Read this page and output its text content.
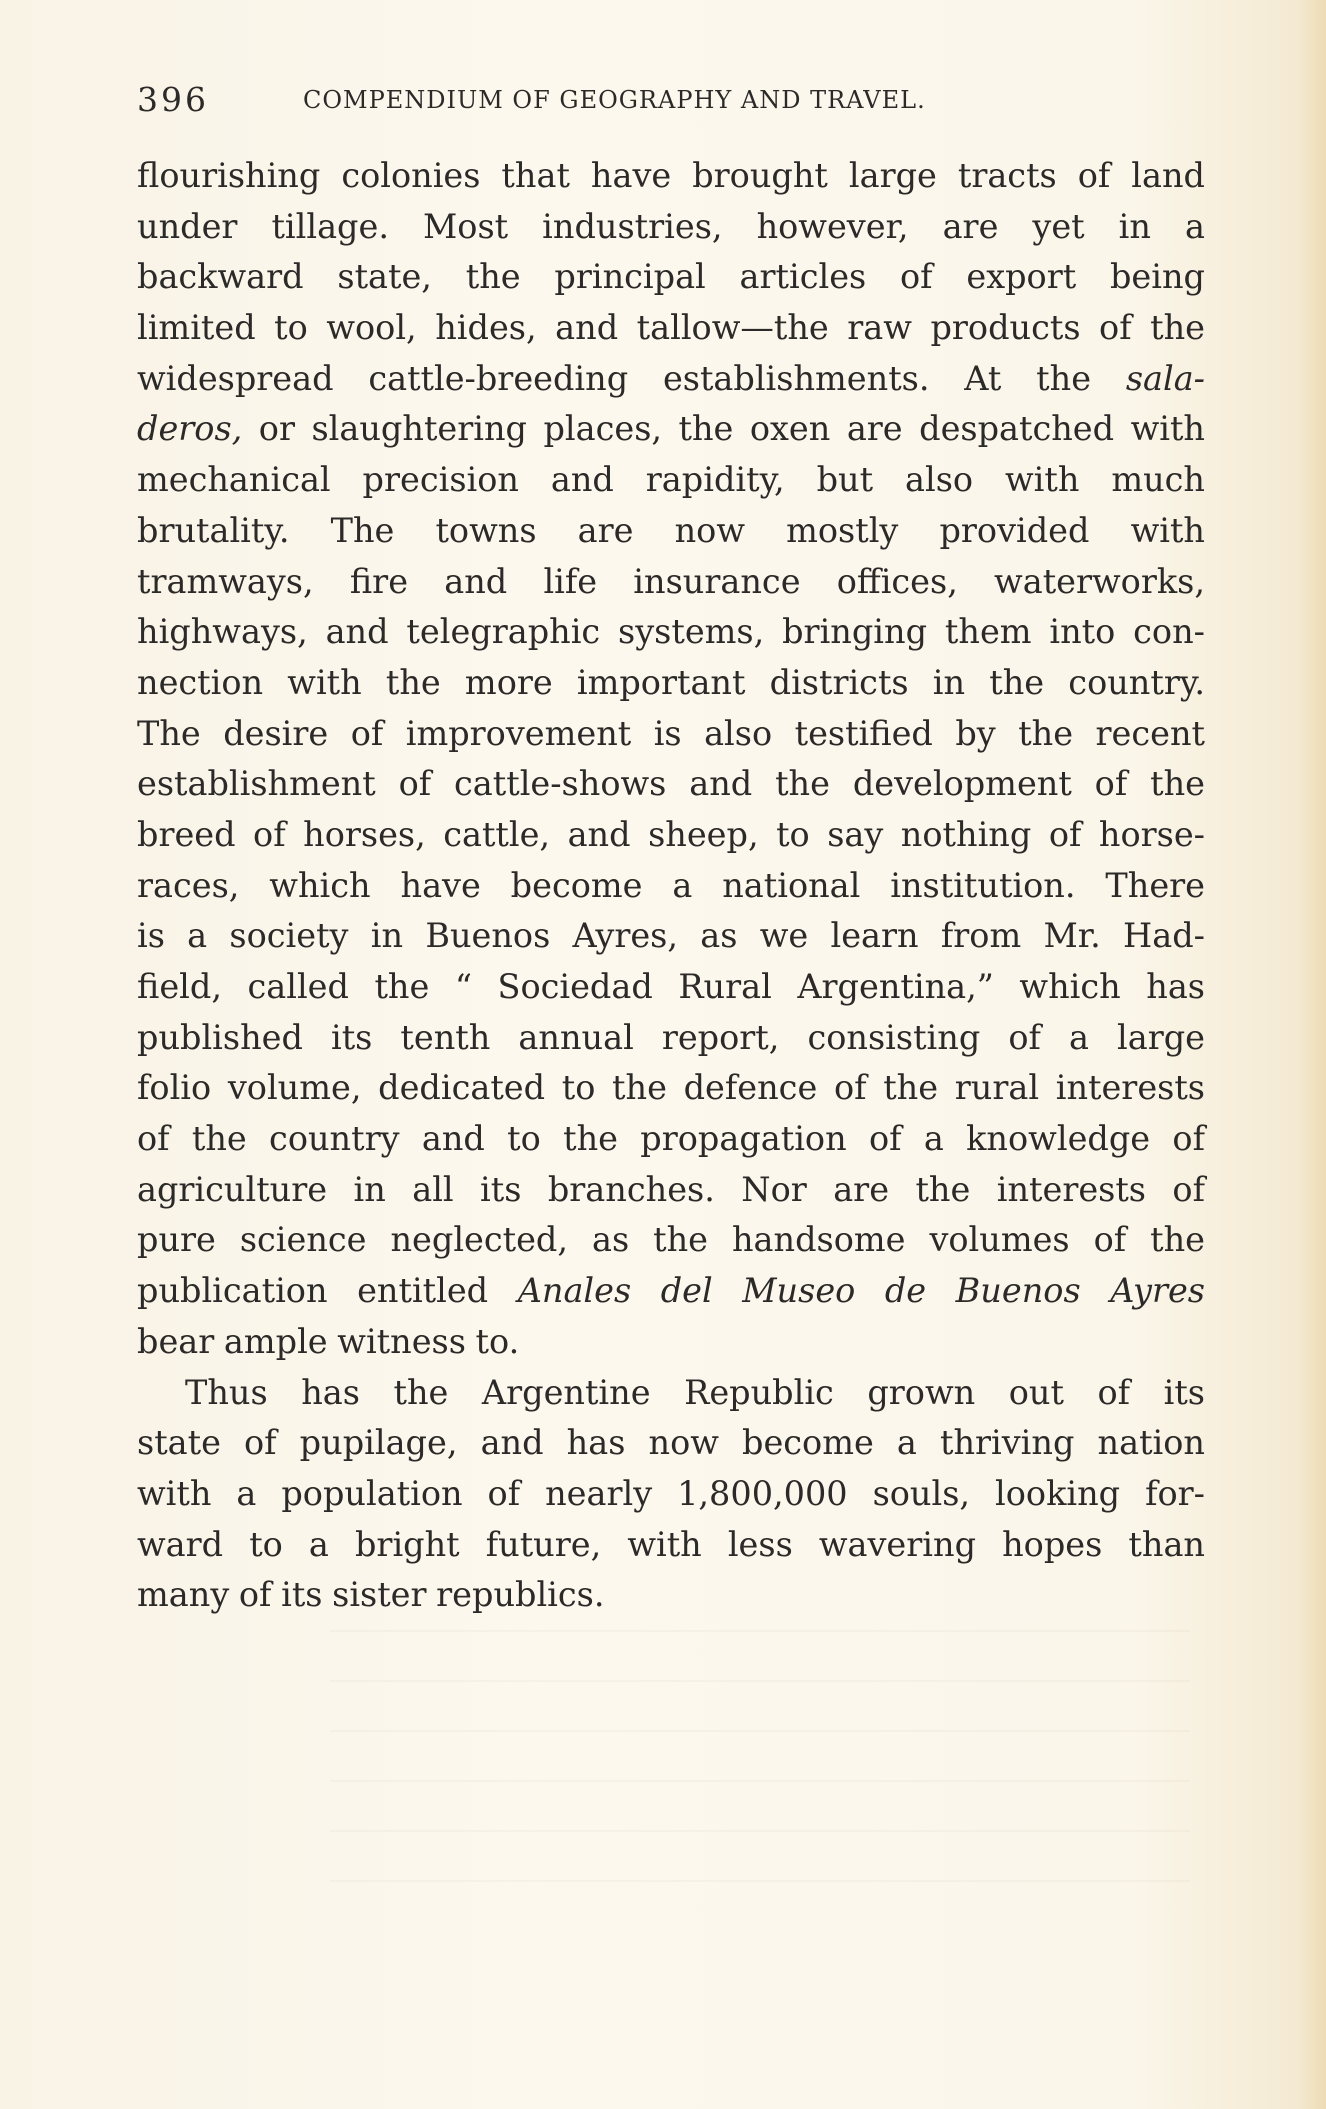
396	COMPENDIUM OF GEOGRAPHY AND TRAVEL.
flourishing colonies that have brought large tracts of land
under tillage. Most industries, however, are yet in a
backward state, the principal articles of export being
limited to wool, hides, and tallow—the raw products of the
widespread cattle-breeding establishments. At the sala-
deros, or slaughtering places, the oxen are despatched with
mechanical precision and rapidity, but also with much
brutality. The towns are now mostly provided with
tramways, fire and life insurance offices, waterworks,
highways, and telegraphic systems, bringing them into con-
nection with the more important districts in the country.
The desire of improvement is also testified by the recent
establishment of cattle-shows and the development of the
breed of horses, cattle, and sheep, to say nothing of horse-
races, which have become a national institution. There
is a society in Buenos Ayres, as we learn from Mr. Had-
field, called the “ Sociedad Rural Argentina,” which has
published its tenth annual report, consisting of a large
folio volume, dedicated to the defence of the rural interests
of the country and to the propagation of a knowledge of
agriculture in all its branches. Nor are the interests of
pure science neglected, as the handsome volumes of the
publication entitled Anales del Museo de Buenos Ayres
bear ample witness to.
Thus has the Argentine Republic grown out of its
state of pupilage, and has now become a thriving nation
with a population of nearly 1,800,000 souls, looking for-
ward to a bright future, with less wavering hopes than
many of its sister republics.
